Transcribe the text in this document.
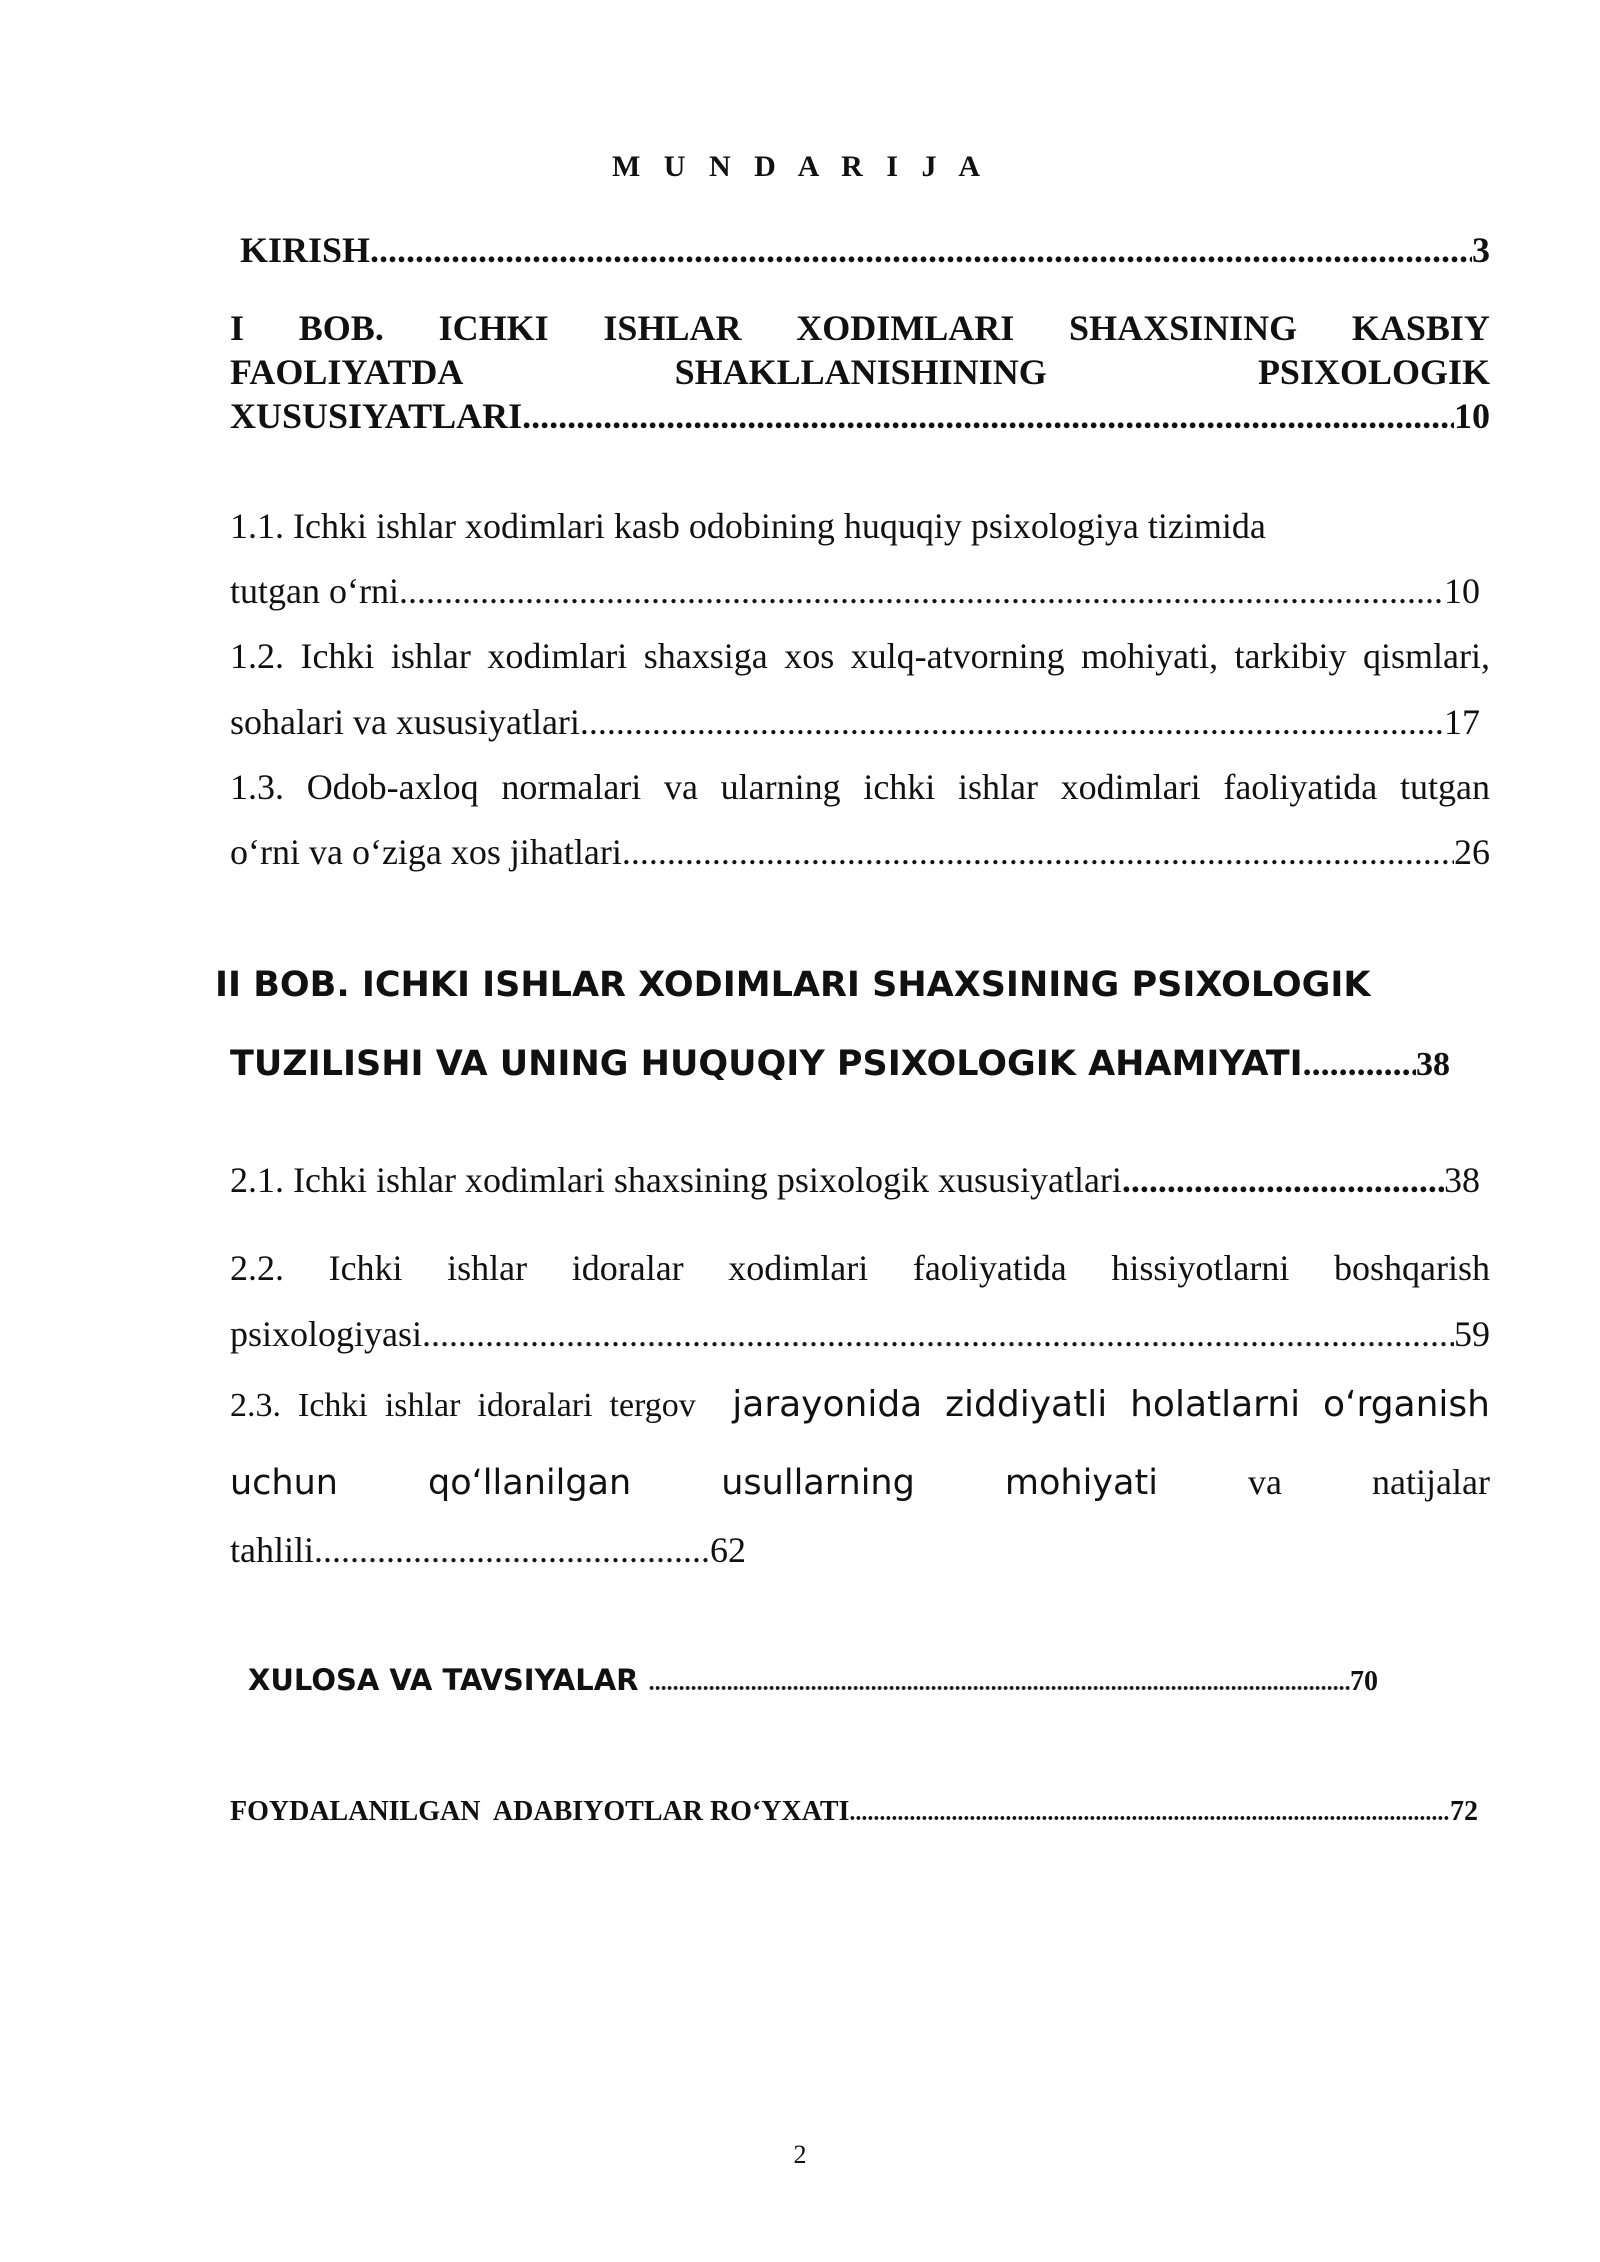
M U N D A R I J A
KIRISH .....	3
I BOB. ICHKI ISHLAR XODIMLARI SHAXSINING KASBIY
FAOLIYATDA	SHAKLLANISHINING	PSIXOLOGIK
XUSUSIYATLARI .....	10
1.1. Ichki ishlar xodimlari kasb odobining huquqiy psixologiya tizimida
tutgan o‘rni .....	10
1.2. Ichki ishlar xodimlari shaxsiga xos xulq-atvorning mohiyati, tarkibiy qismlari,
sohalari va xususiyatlari .....	17
1.3. Odob-axloq normalari va ularning ichki ishlar xodimlari faoliyatida tutgan
o‘rni va o‘ziga xos jihatlari .....	26
II BOB. ICHKI ISHLAR XODIMLARI SHAXSINING PSIXOLOGIK
TUZILISHI VA UNING HUQUQIY PSIXOLOGIK AHAMIYATI .....	38
2.1. Ichki ishlar xodimlari shaxsining psixologik xususiyatlari .....	38
2.2. Ichki ishlar idoralar xodimlari faoliyatida hissiyotlarni boshqarish
psixologiyasi .....	59
2.3.  Ichki  ishlar  idoralari  tergov jarayonida  ziddiyatli  holatlarni  o‘rganish
uchun	qo‘llanilgan	usullarning	mohiyati	va	natijalar
tahlili............................................62
XULOSA VA TAVSIYALAR .....	70
FOYDALANILGAN  ADABIYOTLAR RO‘YXATI .....	72
2
